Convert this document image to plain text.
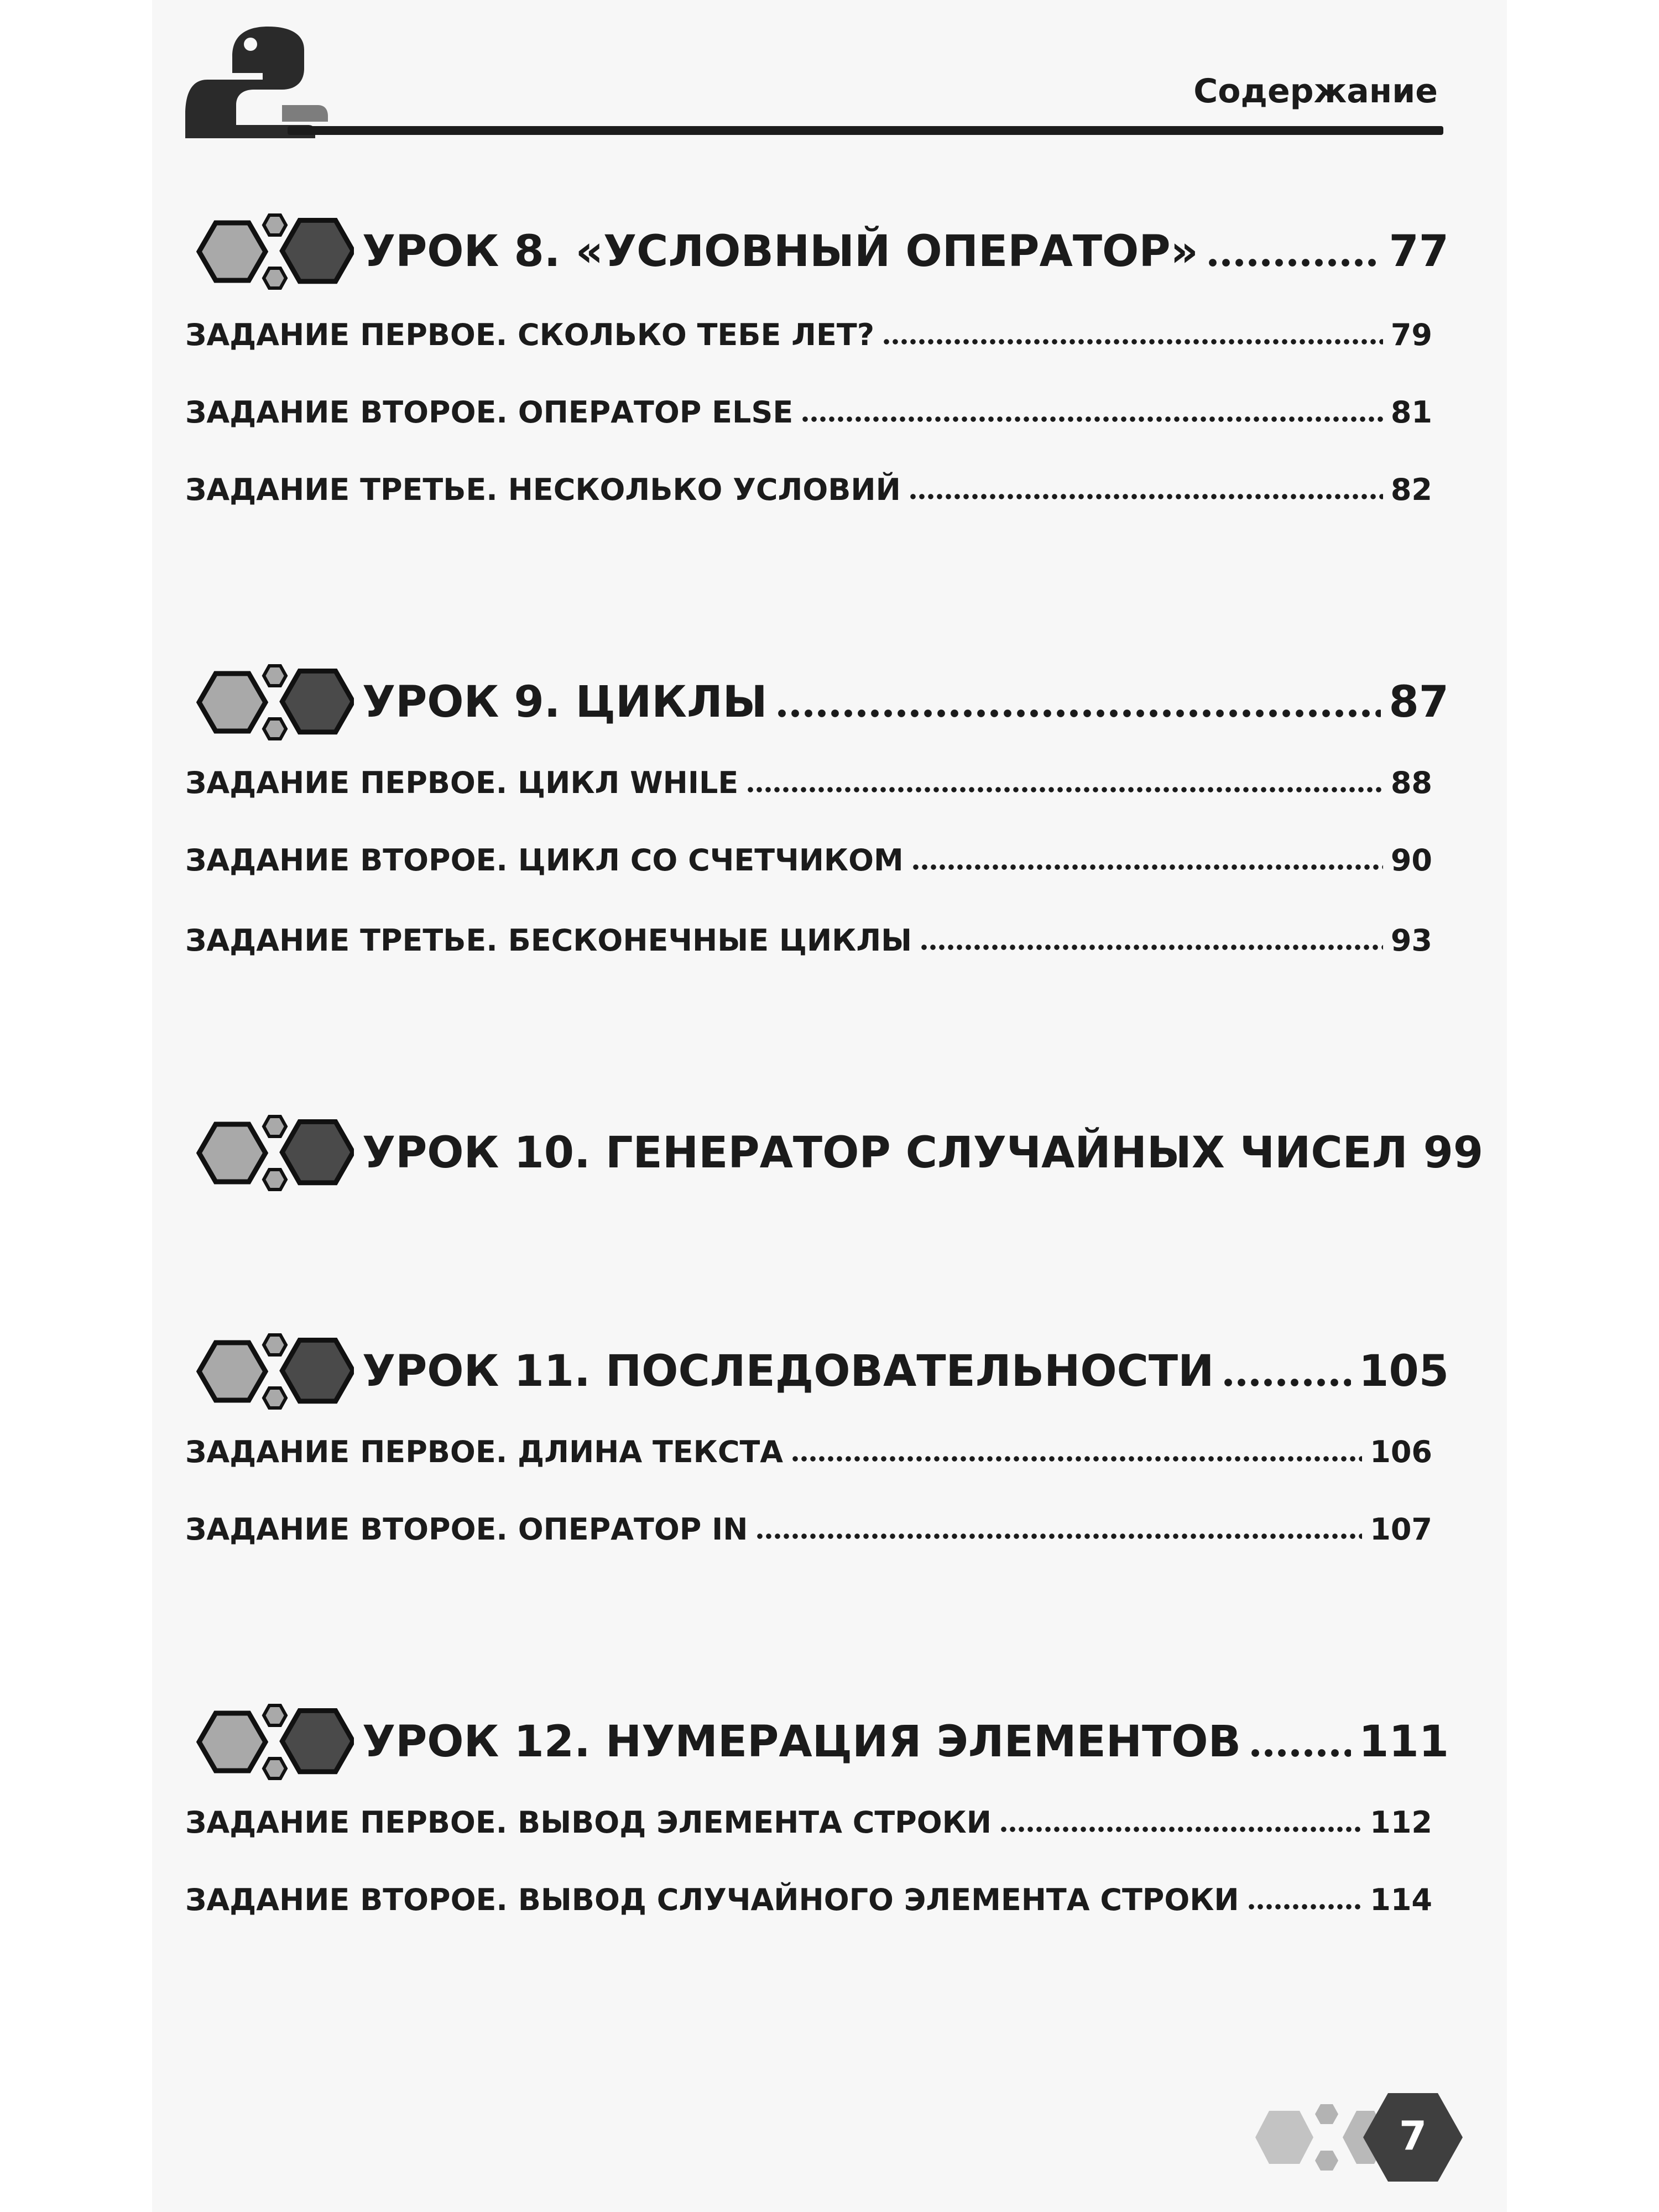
Содержание
УРОК 8. «УСЛОВНЫЙ ОПЕРАТОР»	77
ЗАДАНИЕ ПЕРВОЕ. СКОЛЬКО ТЕБЕ ЛЕТ?	79
ЗАДАНИЕ ВТОРОЕ. ОПЕРАТОР ELSE	81
ЗАДАНИЕ ТРЕТЬЕ. НЕСКОЛЬКО УСЛОВИЙ	82
УРОК 9. ЦИКЛЫ	87
ЗАДАНИЕ ПЕРВОЕ. ЦИКЛ WHILE	88
ЗАДАНИЕ ВТОРОЕ. ЦИКЛ СО СЧЕТЧИКОМ	90
ЗАДАНИЕ ТРЕТЬЕ. БЕСКОНЕЧНЫЕ ЦИКЛЫ	93
УРОК 10. ГЕНЕРАТОР СЛУЧАЙНЫХ ЧИСЕЛ 99
УРОК 11. ПОСЛЕДОВАТЕЛЬНОСТИ	105
ЗАДАНИЕ ПЕРВОЕ. ДЛИНА ТЕКСТА	106
ЗАДАНИЕ ВТОРОЕ. ОПЕРАТОР IN	107
УРОК 12. НУМЕРАЦИЯ ЭЛЕМЕНТОВ	111
ЗАДАНИЕ ПЕРВОЕ. ВЫВОД ЭЛЕМЕНТА СТРОКИ	112
ЗАДАНИЕ ВТОРОЕ. ВЫВОД СЛУЧАЙНОГО ЭЛЕМЕНТА СТРОКИ	114
7
